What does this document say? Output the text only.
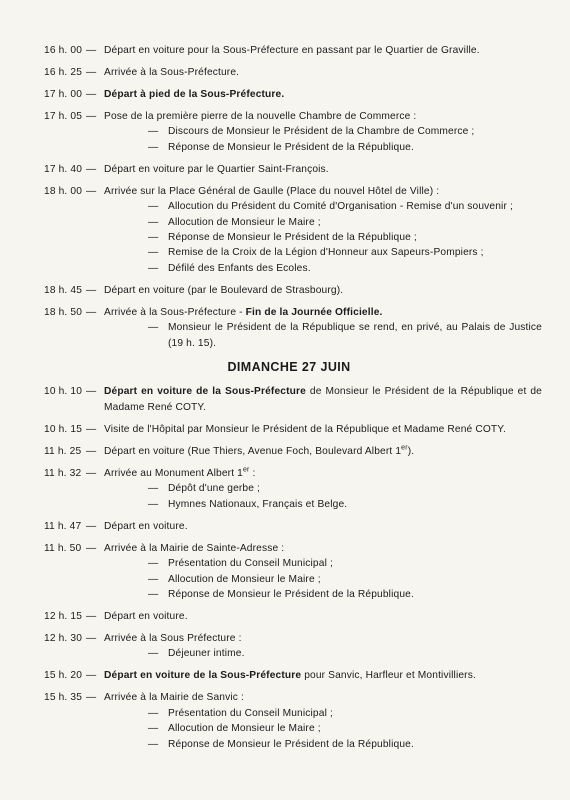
16 h. 00 — Départ en voiture pour la Sous-Préfecture en passant par le Quartier de Graville.
16 h. 25 — Arrivée à la Sous-Préfecture.
17 h. 00 — Départ à pied de la Sous-Préfecture.
17 h. 05 — Pose de la première pierre de la nouvelle Chambre de Commerce :
— Discours de Monsieur le Président de la Chambre de Commerce ;
— Réponse de Monsieur le Président de la République.
17 h. 40 — Départ en voiture par le Quartier Saint-François.
18 h. 00 — Arrivée sur la Place Général de Gaulle (Place du nouvel Hôtel de Ville) :
— Allocution du Président du Comité d'Organisation - Remise d'un souvenir ;
— Allocution de Monsieur le Maire ;
— Réponse de Monsieur le Président de la République ;
— Remise de la Croix de la Légion d'Honneur aux Sapeurs-Pompiers ;
— Défilé des Enfants des Ecoles.
18 h. 45 — Départ en voiture (par le Boulevard de Strasbourg).
18 h. 50 — Arrivée à la Sous-Préfecture - Fin de la Journée Officielle.
— Monsieur le Président de la République se rend, en privé, au Palais de Justice (19 h. 15).
DIMANCHE 27 JUIN
10 h. 10 — Départ en voiture de la Sous-Préfecture de Monsieur le Président de la République et de Madame René COTY.
10 h. 15 — Visite de l'Hôpital par Monsieur le Président de la République et Madame René COTY.
11 h. 25 — Départ en voiture (Rue Thiers, Avenue Foch, Boulevard Albert 1er).
11 h. 32 — Arrivée au Monument Albert 1er :
— Dépôt d'une gerbe ;
— Hymnes Nationaux, Français et Belge.
11 h. 47 — Départ en voiture.
11 h. 50 — Arrivée à la Mairie de Sainte-Adresse :
— Présentation du Conseil Municipal ;
— Allocution de Monsieur le Maire ;
— Réponse de Monsieur le Président de la République.
12 h. 15 — Départ en voiture.
12 h. 30 — Arrivée à la Sous Préfecture :
— Déjeuner intime.
15 h. 20 — Départ en voiture de la Sous-Préfecture pour Sanvic, Harfleur et Montivilliers.
15 h. 35 — Arrivée à la Mairie de Sanvic :
— Présentation du Conseil Municipal ;
— Allocution de Monsieur le Maire ;
— Réponse de Monsieur le Président de la République.
